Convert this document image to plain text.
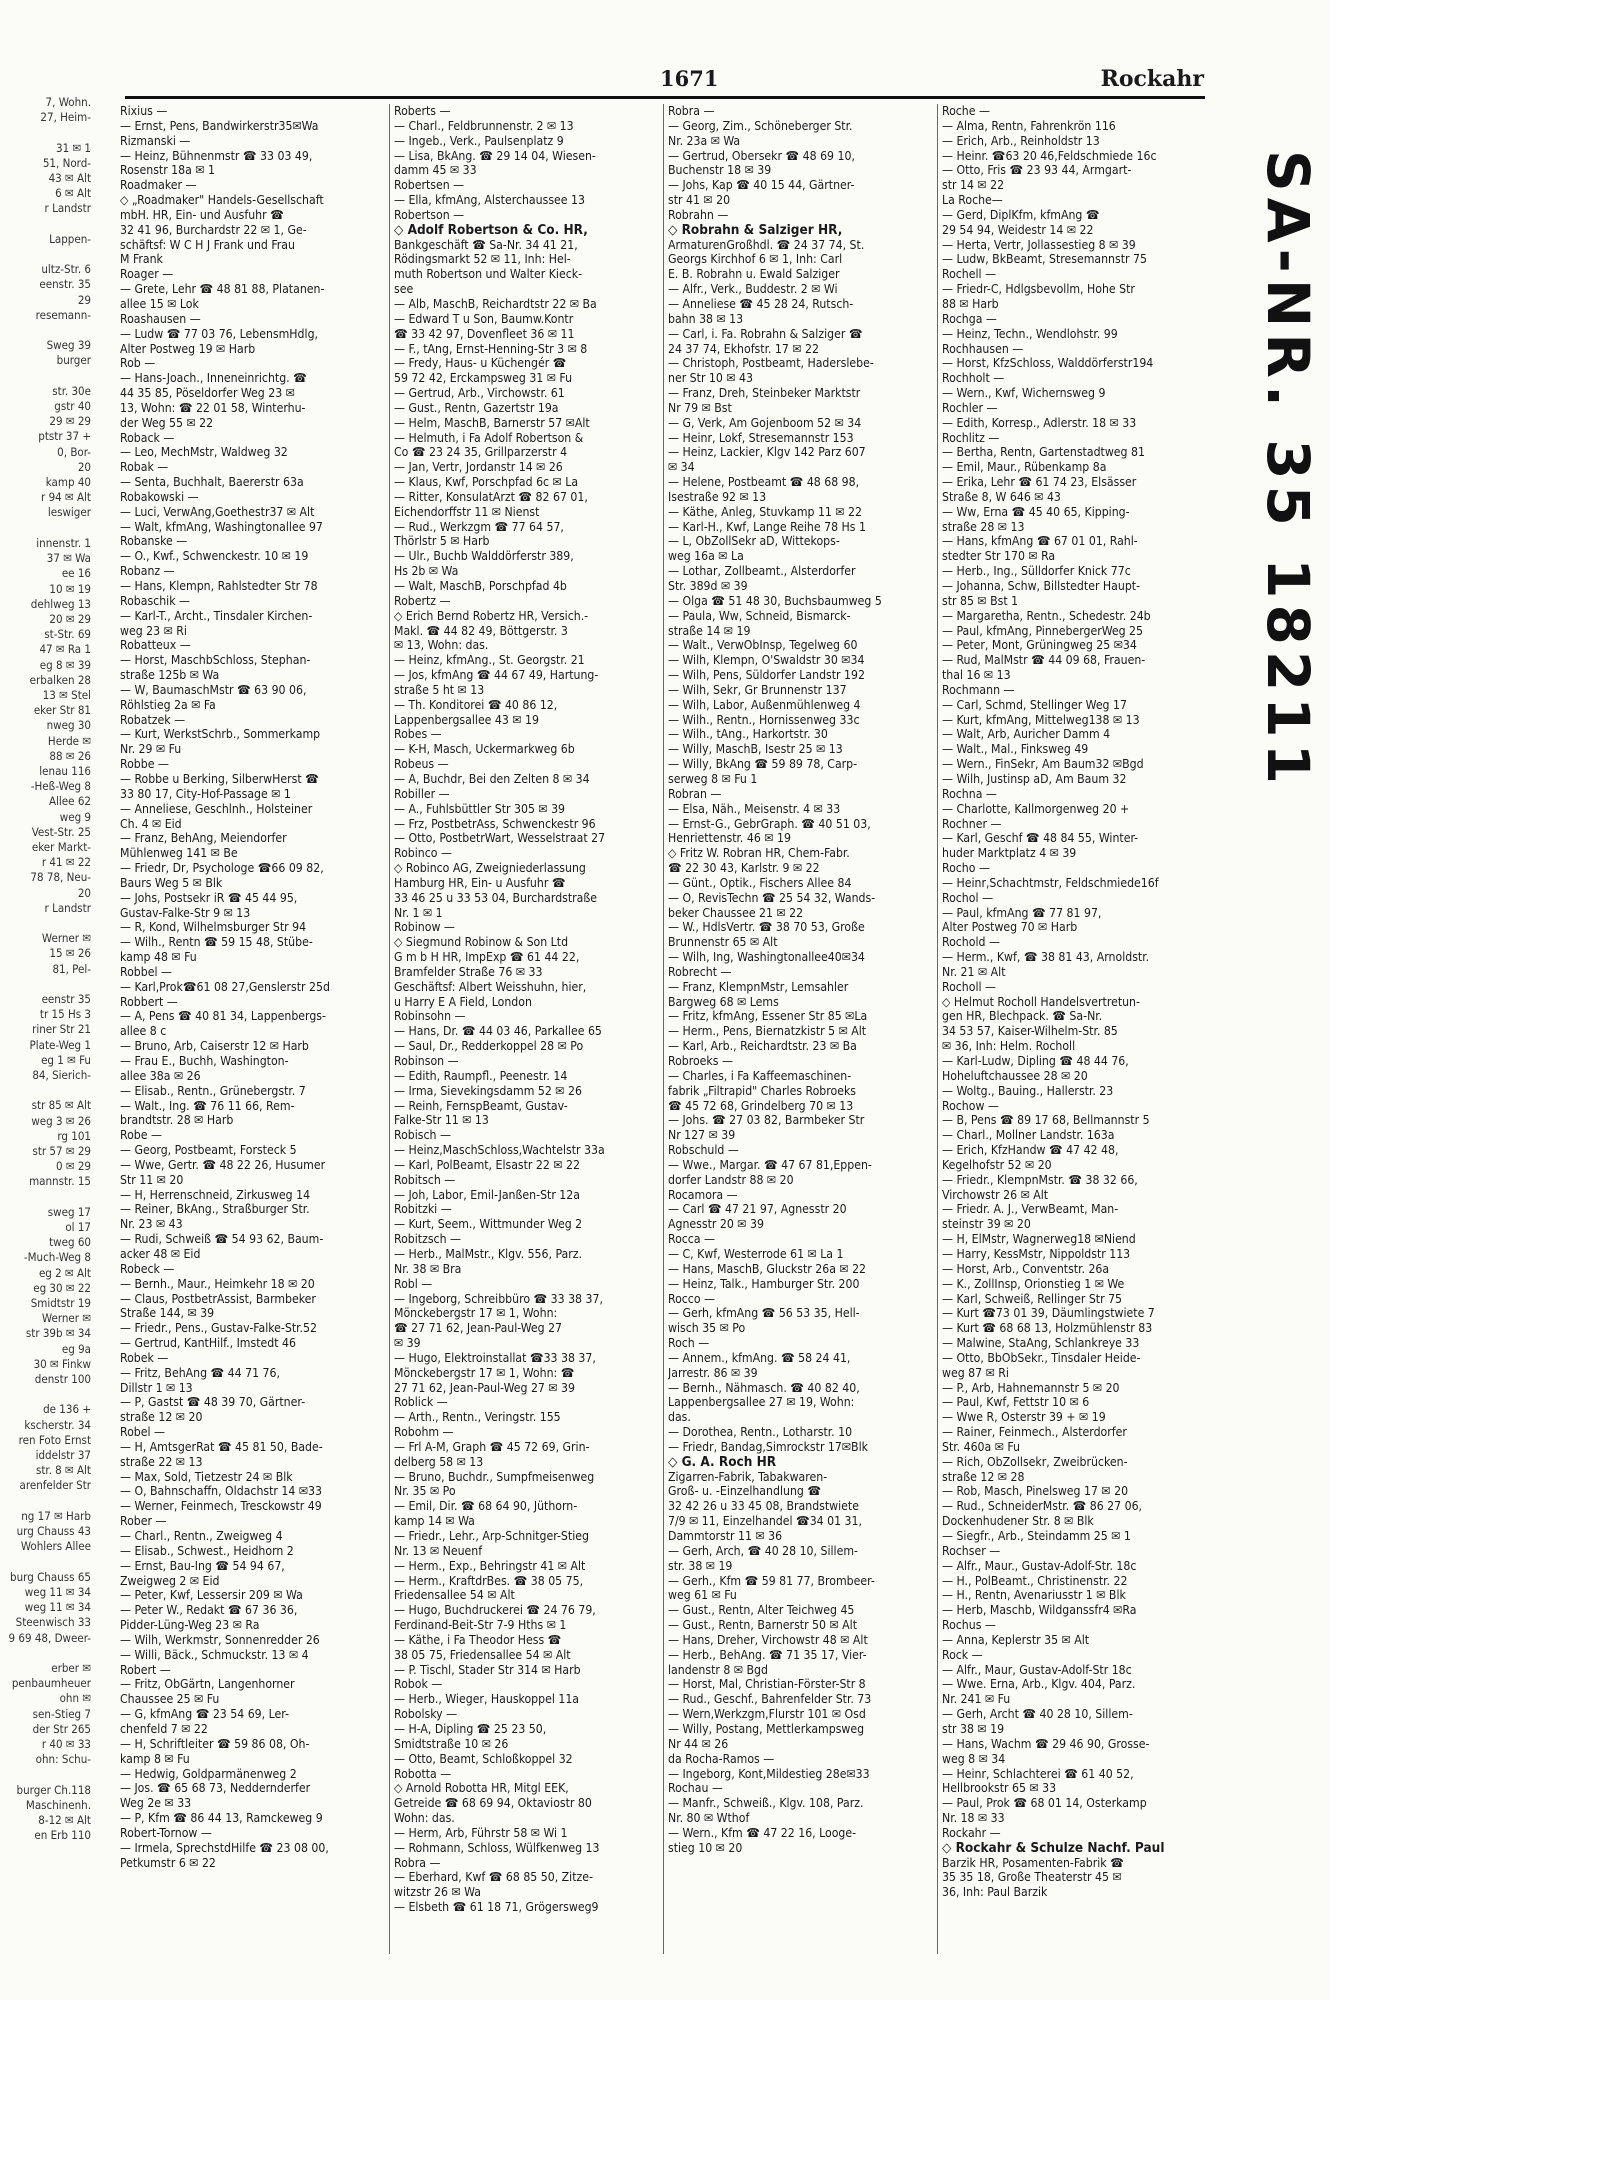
7, Wohn.
27, Heim-

31 ✉ 1
51, Nord-
43 ✉ Alt
6 ✉ Alt
r Landstr

Lappen-

ultz-Str. 6
eenstr. 35
29
resemann-

Sweg 39
burger

str. 30e
gstr 40
29 ✉ 29
ptstr 37 +
0, Bor-
20
kamp 40
r 94 ✉ Alt
leswiger

innenstr. 1
37 ✉ Wa
ee 16
10 ✉ 19
dehlweg 13
20 ✉ 29
st-Str. 69
47 ✉ Ra 1
eg 8 ✉ 39
erbalken 28
13 ✉ Stel
eker Str 81
nweg 30
Herde ✉
88 ✉ 26
lenau 116
-Heß-Weg 8
Allee 62
weg 9
Vest-Str. 25
eker Markt-
r 41 ✉ 22
78 78, Neu-
20
r Landstr

Werner ✉
15 ✉ 26
81, Pel-

eenstr 35
tr 15 Hs 3
riner Str 21
Plate-Weg 1
eg 1 ✉ Fu
84, Sierich-

str 85 ✉ Alt
weg 3 ✉ 26
rg 101
str 57 ✉ 29
0 ✉ 29
mannstr. 15

sweg 17
ol 17
tweg 60
-Much-Weg 8
eg 2 ✉ Alt
eg 30 ✉ 22
Smidtstr 19
Werner ✉
str 39b ✉ 34
eg 9a
30 ✉ Finkw
denstr 100

de 136 +
kscherstr. 34
ren Foto Ernst
iddelstr 37
str. 8 ✉ Alt
arenfelder Str

ng 17 ✉ Harb
urg Chauss 43
Wohlers Allee

burg Chauss 65
weg 11 ✉ 34
weg 11 ✉ 34
Steenwisch 33
9 69 48, Dweer-

erber ✉
penbaumheuer
ohn ✉
sen-Stieg 7
der Str 265
r 40 ✉ 33
ohn: Schu-

burger Ch.118
Maschinenh.
8-12 ✉ Alt
en Erb 110
1671	Rockahr
Rixius —
— Ernst, Pens, Bandwirkerstr35✉Wa
Rizmanski —
— Heinz, Bühnenmstr ☎ 33 03 49,
Rosenstr 18a ✉ 1
Roadmaker —
◇ „Roadmaker" Handels-Gesellschaft
mbH. HR, Ein- und Ausfuhr ☎
32 41 96, Burchardstr 22 ✉ 1, Ge-
schäftsf: W C H J Frank und Frau
M Frank
Roager —
— Grete, Lehr ☎ 48 81 88, Platanen-
allee 15 ✉ Lok
Roashausen —
— Ludw ☎ 77 03 76, LebensmHdlg,
Alter Postweg 19 ✉ Harb
Rob —
— Hans-Joach., Inneneinrichtg. ☎
44 35 85, Pöseldorfer Weg 23 ✉
13, Wohn: ☎ 22 01 58, Winterhu-
der Weg 55 ✉ 22
Roback —
— Leo, MechMstr, Waldweg 32
Robak —
— Senta, Buchhalt, Baererstr 63a
Robakowski —
— Luci, VerwAng,Goethestr37 ✉ Alt
— Walt, kfmAng, Washingtonallee 97
Robanske —
— O., Kwf., Schwenckestr. 10 ✉ 19
Robanz —
— Hans, Klempn, Rahlstedter Str 78
Robaschik —
— Karl-T., Archt., Tinsdaler Kirchen-
weg 23 ✉ Ri
Robatteux —
— Horst, MaschbSchloss, Stephan-
straße 125b ✉ Wa
— W, BaumaschMstr ☎ 63 90 06,
Röhlstieg 2a ✉ Fa
Robatzek —
— Kurt, WerkstSchrb., Sommerkamp
Nr. 29 ✉ Fu
Robbe —
— Robbe u Berking, SilberwHerst ☎
33 80 17, City-Hof-Passage ✉ 1
— Anneliese, Geschlnh., Holsteiner
Ch. 4 ✉ Eid
— Franz, BehAng, Meiendorfer
Mühlenweg 141 ✉ Be
— Friedr, Dr, Psychologe ☎66 09 82,
Baurs Weg 5 ✉ Blk
— Johs, Postsekr iR ☎ 45 44 95,
Gustav-Falke-Str 9 ✉ 13
— R, Kond, Wilhelmsburger Str 94
— Wilh., Rentn ☎ 59 15 48, Stübe-
kamp 48 ✉ Fu
Robbel —
— Karl,Prok☎61 08 27,Genslerstr 25d
Robbert —
— A, Pens ☎ 40 81 34, Lappenbergs-
allee 8 c
— Bruno, Arb, Caiserstr 12 ✉ Harb
— Frau E., Buchh, Washington-
allee 38a ✉ 26
— Elisab., Rentn., Grünebergstr. 7
— Walt., Ing. ☎ 76 11 66, Rem-
brandtstr. 28 ✉ Harb
Robe —
— Georg, Postbeamt, Forsteck 5
— Wwe, Gertr. ☎ 48 22 26, Husumer
Str 11 ✉ 20
— H, Herrenschneid, Zirkusweg 14
— Reiner, BkAng., Straßburger Str.
Nr. 23 ✉ 43
— Rudi, Schweiß ☎ 54 93 62, Baum-
acker 48 ✉ Eid
Robeck —
— Bernh., Maur., Heimkehr 18 ✉ 20
— Claus, PostbetrAssist, Barmbeker
Straße 144, ✉ 39
— Friedr., Pens., Gustav-Falke-Str.52
— Gertrud, KantHilf., Imstedt 46
Robek —
— Fritz, BehAng ☎ 44 71 76,
Dillstr 1 ✉ 13
— P, Gastst ☎ 48 39 70, Gärtner-
straße 12 ✉ 20
Robel —
— H, AmtsgerRat ☎ 45 81 50, Bade-
straße 22 ✉ 13
— Max, Sold, Tietzestr 24 ✉ Blk
— O, Bahnschaffn, Oldachstr 14 ✉33
— Werner, Feinmech, Tresckowstr 49
Rober —
— Charl., Rentn., Zweigweg 4
— Elisab., Schwest., Heidhorn 2
— Ernst, Bau-Ing ☎ 54 94 67,
Zweigweg 2 ✉ Eid
— Peter, Kwf, Lessersir 209 ✉ Wa
— Peter W., Redakt ☎ 67 36 36,
Pidder-Lüng-Weg 23 ✉ Ra
— Wilh, Werkmstr, Sonnenredder 26
— Willi, Bäck., Schmuckstr. 13 ✉ 4
Robert —
— Fritz, ObGärtn, Langenhorner
Chaussee 25 ✉ Fu
— G, kfmAng ☎ 23 54 69, Ler-
chenfeld 7 ✉ 22
— H, Schriftleiter ☎ 59 86 08, Oh-
kamp 8 ✉ Fu
— Hedwig, Goldparmänenweg 2
— Jos. ☎ 65 68 73, Neddernderfer
Weg 2e ✉ 33
— P, Kfm ☎ 86 44 13, Ramckeweg 9
Robert-Tornow —
— Irmela, SprechstdHilfe ☎ 23 08 00,
Petkumstr 6 ✉ 22
Roberts —
— Charl., Feldbrunnenstr. 2 ✉ 13
— Ingeb., Verk., Paulsenplatz 9
— Lisa, BkAng. ☎ 29 14 04, Wiesen-
damm 45 ✉ 33
Robertsen —
— Ella, kfmAng, Alsterchaussee 13
Robertson —
◇ Adolf Robertson & Co. HR,
Bankgeschäft ☎ Sa-Nr. 34 41 21,
Rödingsmarkt 52 ✉ 11, Inh: Hel-
muth Robertson und Walter Kieck-
see
— Alb, MaschB, Reichardtstr 22 ✉ Ba
— Edward T u Son, Baumw.Kontr
☎ 33 42 97, Dovenfleet 36 ✉ 11
— F., tAng, Ernst-Henning-Str 3 ✉ 8
— Fredy, Haus- u Küchengér ☎
59 72 42, Erckampsweg 31 ✉ Fu
— Gertrud, Arb., Virchowstr. 61
— Gust., Rentn, Gazertstr 19a
— Helm, MaschB, Barnerstr 57 ✉Alt
— Helmuth, i Fa Adolf Robertson &
Co ☎ 23 24 35, Grillparzerstr 4
— Jan, Vertr, Jordanstr 14 ✉ 26
— Klaus, Kwf, Porschpfad 6c ✉ La
— Ritter, KonsulatArzt ☎ 82 67 01,
Eichendorffstr 11 ✉ Nienst
— Rud., Werkzgm ☎ 77 64 57,
Thörlstr 5 ✉ Harb
— Ulr., Buchb Walddörferstr 389,
Hs 2b ✉ Wa
— Walt, MaschB, Porschpfad 4b
Robertz —
◇ Erich Bernd Robertz HR, Versich.-
Makl. ☎ 44 82 49, Böttgerstr. 3
✉ 13, Wohn: das.
— Heinz, kfmAng., St. Georgstr. 21
— Jos, kfmAng ☎ 44 67 49, Hartung-
straße 5 ht ✉ 13
— Th. Konditorei ☎ 40 86 12,
Lappenbergsallee 43 ✉ 19
Robes —
— K-H, Masch, Uckermarkweg 6b
Robeus —
— A, Buchdr, Bei den Zelten 8 ✉ 34
Robiller —
— A., Fuhlsbüttler Str 305 ✉ 39
— Frz, PostbetrAss, Schwenckestr 96
— Otto, PostbetrWart, Wesselstraat 27
Robinco —
◇ Robinco AG, Zweigniederlassung
Hamburg HR, Ein- u Ausfuhr ☎
33 46 25 u 33 53 04, Burchardstraße
Nr. 1 ✉ 1
Robinow —
◇ Siegmund Robinow & Son Ltd
G m b H HR, ImpExp ☎ 61 44 22,
Bramfelder Straße 76 ✉ 33
Geschäftsf: Albert Weisshuhn, hier,
u Harry E A Field, London
Robinsohn —
— Hans, Dr. ☎ 44 03 46, Parkallee 65
— Saul, Dr., Redderkoppel 28 ✉ Po
Robinson —
— Edith, Raumpfl., Peenestr. 14
— Irma, Sievekingsdamm 52 ✉ 26
— Reinh, FernspBeamt, Gustav-
Falke-Str 11 ✉ 13
Robisch —
— Heinz,MaschSchloss,Wachtelstr 33a
— Karl, PolBeamt, Elsastr 22 ✉ 22
Robitsch —
— Joh, Labor, Emil-Janßen-Str 12a
Robitzki —
— Kurt, Seem., Wittmunder Weg 2
Robitzsch —
— Herb., MalMstr., Klgv. 556, Parz.
Nr. 38 ✉ Bra
Robl —
— Ingeborg, Schreibbüro ☎ 33 38 37,
Mönckebergstr 17 ✉ 1, Wohn:
☎ 27 71 62, Jean-Paul-Weg 27
✉ 39
— Hugo, Elektroinstallat ☎33 38 37,
Mönckebergstr 17 ✉ 1, Wohn: ☎
27 71 62, Jean-Paul-Weg 27 ✉ 39
Roblick —
— Arth., Rentn., Veringstr. 155
Robohm —
— Frl A-M, Graph ☎ 45 72 69, Grin-
delberg 58 ✉ 13
— Bruno, Buchdr., Sumpfmeisenweg
Nr. 35 ✉ Po
— Emil, Dir. ☎ 68 64 90, Jüthorn-
kamp 14 ✉ Wa
— Friedr., Lehr., Arp-Schnitger-Stieg
Nr. 13 ✉ Neuenf
— Herm., Exp., Behringstr 41 ✉ Alt
— Herm., KraftdrBes. ☎ 38 05 75,
Friedensallee 54 ✉ Alt
— Hugo, Buchdruckerei ☎ 24 76 79,
Ferdinand-Beit-Str 7-9 Hths ✉ 1
— Käthe, i Fa Theodor Hess ☎
38 05 75, Friedensallee 54 ✉ Alt
— P. Tischl, Stader Str 314 ✉ Harb
Robok —
— Herb., Wieger, Hauskoppel 11a
Robolsky —
— H-A, Dipling ☎ 25 23 50,
Smidtstraße 10 ✉ 26
— Otto, Beamt, Schloßkoppel 32
Robotta —
◇ Arnold Robotta HR, Mitgl EEK,
Getreide ☎ 68 69 94, Oktaviostr 80
Wohn: das.
— Herm, Arb, Führstr 58 ✉ Wi 1
— Rohmann, Schloss, Wülfkenweg 13
Robra —
— Eberhard, Kwf ☎ 68 85 50, Zitze-
witzstr 26 ✉ Wa
— Elsbeth ☎ 61 18 71, Grögersweg9
Robra —
— Georg, Zim., Schöneberger Str.
Nr. 23a ✉ Wa
— Gertrud, Obersekr ☎ 48 69 10,
Buchenstr 18 ✉ 39
— Johs, Kap ☎ 40 15 44, Gärtner-
str 41 ✉ 20
Robrahn —
◇ Robrahn & Salziger HR,
ArmaturenGroßhdl. ☎ 24 37 74, St.
Georgs Kirchhof 6 ✉ 1, Inh: Carl
E. B. Robrahn u. Ewald Salziger
— Alfr., Verk., Buddestr. 2 ✉ Wi
— Anneliese ☎ 45 28 24, Rutsch-
bahn 38 ✉ 13
— Carl, i. Fa. Robrahn & Salziger ☎
24 37 74, Ekhofstr. 17 ✉ 22
— Christoph, Postbeamt, Haderslebe-
ner Str 10 ✉ 43
— Franz, Dreh, Steinbeker Marktstr
Nr 79 ✉ Bst
— G, Verk, Am Gojenboom 52 ✉ 34
— Heinr, Lokf, Stresemannstr 153
— Heinz, Lackier, Klgv 142 Parz 607
✉ 34
— Helene, Postbeamt ☎ 48 68 98,
Isestraße 92 ✉ 13
— Käthe, Anleg, Stuvkamp 11 ✉ 22
— Karl-H., Kwf, Lange Reihe 78 Hs 1
— L, ObZollSekr aD, Wittekops-
weg 16a ✉ La
— Lothar, Zollbeamt., Alsterdorfer
Str. 389d ✉ 39
— Olga ☎ 51 48 30, Buchsbaumweg 5
— Paula, Ww, Schneid, Bismarck-
straße 14 ✉ 19
— Walt., VerwObInsp, Tegelweg 60
— Wilh, Klempn, O'Swaldstr 30 ✉34
— Wilh, Pens, Süldorfer Landstr 192
— Wilh, Sekr, Gr Brunnenstr 137
— Wilh, Labor, Außenmühlenweg 4
— Wilh., Rentn., Hornissenweg 33c
— Wilh., tAng., Harkortstr. 30
— Willy, MaschB, Isestr 25 ✉ 13
— Willy, BkAng ☎ 59 89 78, Carp-
serweg 8 ✉ Fu 1
Robran —
— Elsa, Näh., Meisenstr. 4 ✉ 33
— Ernst-G., GebrGraph. ☎ 40 51 03,
Henriettenstr. 46 ✉ 19
◇ Fritz W. Robran HR, Chem-Fabr.
☎ 22 30 43, Karlstr. 9 ✉ 22
— Günt., Optik., Fischers Allee 84
— O, RevisTechn ☎ 25 54 32, Wands-
beker Chaussee 21 ✉ 22
— W., HdlsVertr. ☎ 38 70 53, Große
Brunnenstr 65 ✉ Alt
— Wilh, Ing, Washingtonallee40✉34
Robrecht —
— Franz, KlempnMstr, Lemsahler
Bargweg 68 ✉ Lems
— Fritz, kfmAng, Essener Str 85 ✉La
— Herm., Pens, Biernatzkistr 5 ✉ Alt
— Karl, Arb., Reichardtstr. 23 ✉ Ba
Robroeks —
— Charles, i Fa Kaffeemaschinen-
fabrik „Filtrapid" Charles Robroeks
☎ 45 72 68, Grindelberg 70 ✉ 13
— Johs. ☎ 27 03 82, Barmbeker Str
Nr 127 ✉ 39
Robschuld —
— Wwe., Margar. ☎ 47 67 81,Eppen-
dorfer Landstr 88 ✉ 20
Rocamora —
— Carl ☎ 47 21 97, Agnesstr 20
Agnesstr 20 ✉ 39
Rocca —
— C, Kwf, Westerrode 61 ✉ La 1
— Hans, MaschB, Gluckstr 26a ✉ 22
— Heinz, Talk., Hamburger Str. 200
Rocco —
— Gerh, kfmAng ☎ 56 53 35, Hell-
wisch 35 ✉ Po
Roch —
— Annem., kfmAng. ☎ 58 24 41,
Jarrestr. 86 ✉ 39
— Bernh., Nähmasch. ☎ 40 82 40,
Lappenbergsallee 27 ✉ 19, Wohn:
das.
— Dorothea, Rentn., Lotharstr. 10
— Friedr, Bandag,Simrockstr 17✉Blk
◇ G. A. Roch HR
Zigarren-Fabrik, Tabakwaren-
Groß- u. -Einzelhandlung ☎
32 42 26 u 33 45 08, Brandstwiete
7/9 ✉ 11, Einzelhandel ☎34 01 31,
Dammtorstr 11 ✉ 36
— Gerh, Arch, ☎ 40 28 10, Sillem-
str. 38 ✉ 19
— Gerh., Kfm ☎ 59 81 77, Brombeer-
weg 61 ✉ Fu
— Gust., Rentn, Alter Teichweg 45
— Gust., Rentn, Barnerstr 50 ✉ Alt
— Hans, Dreher, Virchowstr 48 ✉ Alt
— Herb., BehAng. ☎ 71 35 17, Vier-
landenstr 8 ✉ Bgd
— Horst, Mal, Christian-Förster-Str 8
— Rud., Geschf., Bahrenfelder Str. 73
— Wern,Werkzgm,Flurstr 101 ✉ Osd
— Willy, Postang, Mettlerkampsweg
Nr 44 ✉ 26
da Rocha-Ramos —
— Ingeborg, Kont,Mildestieg 28e✉33
Rochau —
— Manfr., Schweiß., Klgv. 108, Parz.
Nr. 80 ✉ Wthof
— Wern., Kfm ☎ 47 22 16, Looge-
stieg 10 ✉ 20
Roche —
— Alma, Rentn, Fahrenkrön 116
— Erich, Arb., Reinholdstr 13
— Heinr. ☎63 20 46,Feldschmiede 16c
— Otto, Fris ☎ 23 93 44, Armgart-
str 14 ✉ 22
La Roche—
— Gerd, DiplKfm, kfmAng ☎
29 54 94, Weidestr 14 ✉ 22
— Herta, Vertr, Jollassestieg 8 ✉ 39
— Ludw, BkBeamt, Stresemannstr 75
Rochell —
— Friedr-C, Hdlgsbevollm, Hohe Str
88 ✉ Harb
Rochga —
— Heinz, Techn., Wendlohstr. 99
Rochhausen —
— Horst, KfzSchloss, Walddörferstr194
Rochholt —
— Wern., Kwf, Wichernsweg 9
Rochler —
— Edith, Korresp., Adlerstr. 18 ✉ 33
Rochlitz —
— Bertha, Rentn, Gartenstadtweg 81
— Emil, Maur., Rübenkamp 8a
— Erika, Lehr ☎ 61 74 23, Elsässer
Straße 8, W 646 ✉ 43
— Ww, Erna ☎ 45 40 65, Kipping-
straße 28 ✉ 13
— Hans, kfmAng ☎ 67 01 01, Rahl-
stedter Str 170 ✉ Ra
— Herb., Ing., Sülldorfer Knick 77c
— Johanna, Schw, Billstedter Haupt-
str 85 ✉ Bst 1
— Margaretha, Rentn., Schedestr. 24b
— Paul, kfmAng, PinnebergerWeg 25
— Peter, Mont, Grüningweg 25 ✉34
— Rud, MalMstr ☎ 44 09 68, Frauen-
thal 16 ✉ 13
Rochmann —
— Carl, Schmd, Stellinger Weg 17
— Kurt, kfmAng, Mittelweg138 ✉ 13
— Walt, Arb, Auricher Damm 4
— Walt., Mal., Finksweg 49
— Wern., FinSekr, Am Baum32 ✉Bgd
— Wilh, Justinsp aD, Am Baum 32
Rochna —
— Charlotte, Kallmorgenweg 20 +
Rochner —
— Karl, Geschf ☎ 48 84 55, Winter-
huder Marktplatz 4 ✉ 39
Rocho —
— Heinr,Schachtmstr, Feldschmiede16f
Rochol —
— Paul, kfmAng ☎ 77 81 97,
Alter Postweg 70 ✉ Harb
Rochold —
— Herm., Kwf, ☎ 38 81 43, Arnoldstr.
Nr. 21 ✉ Alt
Rocholl —
◇ Helmut Rocholl Handelsvertretun-
gen HR, Blechpack. ☎ Sa-Nr.
34 53 57, Kaiser-Wilhelm-Str. 85
✉ 36, Inh: Helm. Rocholl
— Karl-Ludw, Dipling ☎ 48 44 76,
Hoheluftchaussee 28 ✉ 20
— Woltg., Bauing., Hallerstr. 23
Rochow —
— B, Pens ☎ 89 17 68, Bellmannstr 5
— Charl., Mollner Landstr. 163a
— Erich, KfzHandw ☎ 47 42 48,
Kegelhofstr 52 ✉ 20
— Friedr., KlempnMstr. ☎ 38 32 66,
Virchowstr 26 ✉ Alt
— Friedr. A. J., VerwBeamt, Man-
steinstr 39 ✉ 20
— H, ElMstr, Wagnerweg18 ✉Niend
— Harry, KessMstr, Nippoldstr 113
— Horst, Arb., Conventstr. 26a
— K., ZollInsp, Orionstieg 1 ✉ We
— Karl, Schweiß, Rellinger Str 75
— Kurt ☎73 01 39, Däumlingstwiete 7
— Kurt ☎ 68 68 13, Holzmühlenstr 83
— Malwine, StaAng, Schlankreye 33
— Otto, BbObSekr., Tinsdaler Heide-
weg 87 ✉ Ri
— P., Arb, Hahnemannstr 5 ✉ 20
— Paul, Kwf, Fettstr 10 ✉ 6
— Wwe R, Osterstr 39 + ✉ 19
— Rainer, Feinmech., Alsterdorfer
Str. 460a ✉ Fu
— Rich, ObZollsekr, Zweibrücken-
straße 12 ✉ 28
— Rob, Masch, Pinelsweg 17 ✉ 20
— Rud., SchneiderMstr. ☎ 86 27 06,
Dockenhudener Str. 8 ✉ Blk
— Siegfr., Arb., Steindamm 25 ✉ 1
Rochser —
— Alfr., Maur., Gustav-Adolf-Str. 18c
— H., PolBeamt., Christinenstr. 22
— H., Rentn, Avenariusstr 1 ✉ Blk
— Herb, Maschb, Wildganssfr4 ✉Ra
Rochus —
— Anna, Keplerstr 35 ✉ Alt
Rock —
— Alfr., Maur, Gustav-Adolf-Str 18c
— Wwe. Erna, Arb., Klgv. 404, Parz.
Nr. 241 ✉ Fu
— Gerh, Archt ☎ 40 28 10, Sillem-
str 38 ✉ 19
— Hans, Wachm ☎ 29 46 90, Grosse-
weg 8 ✉ 34
— Heinr, Schlachterei ☎ 61 40 52,
Hellbrookstr 65 ✉ 33
— Paul, Prok ☎ 68 01 14, Osterkamp
Nr. 18 ✉ 33
Rockahr —
◇ Rockahr & Schulze Nachf. Paul
Barzik HR, Posamenten-Fabrik ☎
35 35 18, Große Theaterstr 45 ✉
36, Inh: Paul Barzik
SA-NR. 35 18211
